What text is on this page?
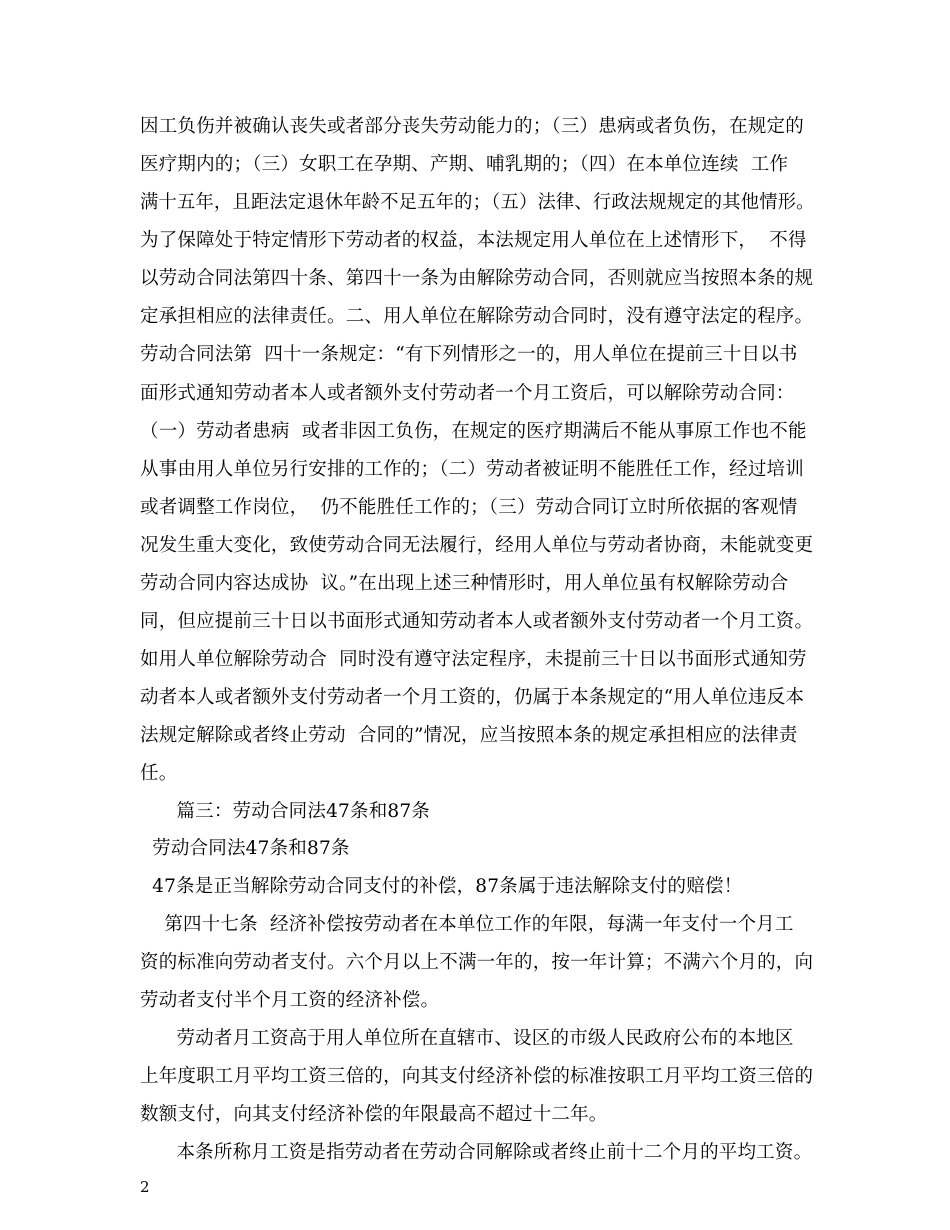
因工负伤并被确认丧失或者部分丧失劳动能力的；（三）患病或者负伤，在规定的
医疗期内的；（三）女职工在孕期、产期、哺乳期的；（四）在本单位连续  工作
满十五年，且距法定退休年龄不足五年的；（五）法律、行政法规规定的其他情形。
为了保障处于特定情形下劳动者的权益，本法规定用人单位在上述情形下，  不得
以劳动合同法第四十条、第四十一条为由解除劳动合同，否则就应当按照本条的规
定承担相应的法律责任。二、用人单位在解除劳动合同时，没有遵守法定的程序。
劳动合同法第  四十一条规定：“有下列情形之一的，用人单位在提前三十日以书
面形式通知劳动者本人或者额外支付劳动者一个月工资后，可以解除劳动合同：
（一）劳动者患病  或者非因工负伤，在规定的医疗期满后不能从事原工作也不能
从事由用人单位另行安排的工作的；（二）劳动者被证明不能胜任工作，经过培训
或者调整工作岗位，  仍不能胜任工作的；（三）劳动合同订立时所依据的客观情
况发生重大变化，致使劳动合同无法履行，经用人单位与劳动者协商，未能就变更
劳动合同内容达成协  议。”在出现上述三种情形时，用人单位虽有权解除劳动合
同，但应提前三十日以书面形式通知劳动者本人或者额外支付劳动者一个月工资。
如用人单位解除劳动合  同时没有遵守法定程序，未提前三十日以书面形式通知劳
动者本人或者额外支付劳动者一个月工资的，仍属于本条规定的“用人单位违反本
法规定解除或者终止劳动  合同的”情况，应当按照本条的规定承担相应的法律责
任。
篇三：劳动合同法47条和87条
劳动合同法47条和87条
47条是正当解除劳动合同支付的补偿，87条属于违法解除支付的赔偿！
第四十七条  经济补偿按劳动者在本单位工作的年限，每满一年支付一个月工
资的标准向劳动者支付。六个月以上不满一年的，按一年计算；不满六个月的，向
劳动者支付半个月工资的经济补偿。
劳动者月工资高于用人单位所在直辖市、设区的市级人民政府公布的本地区
上年度职工月平均工资三倍的，向其支付经济补偿的标准按职工月平均工资三倍的
数额支付，向其支付经济补偿的年限最高不超过十二年。
本条所称月工资是指劳动者在劳动合同解除或者终止前十二个月的平均工资。
2
